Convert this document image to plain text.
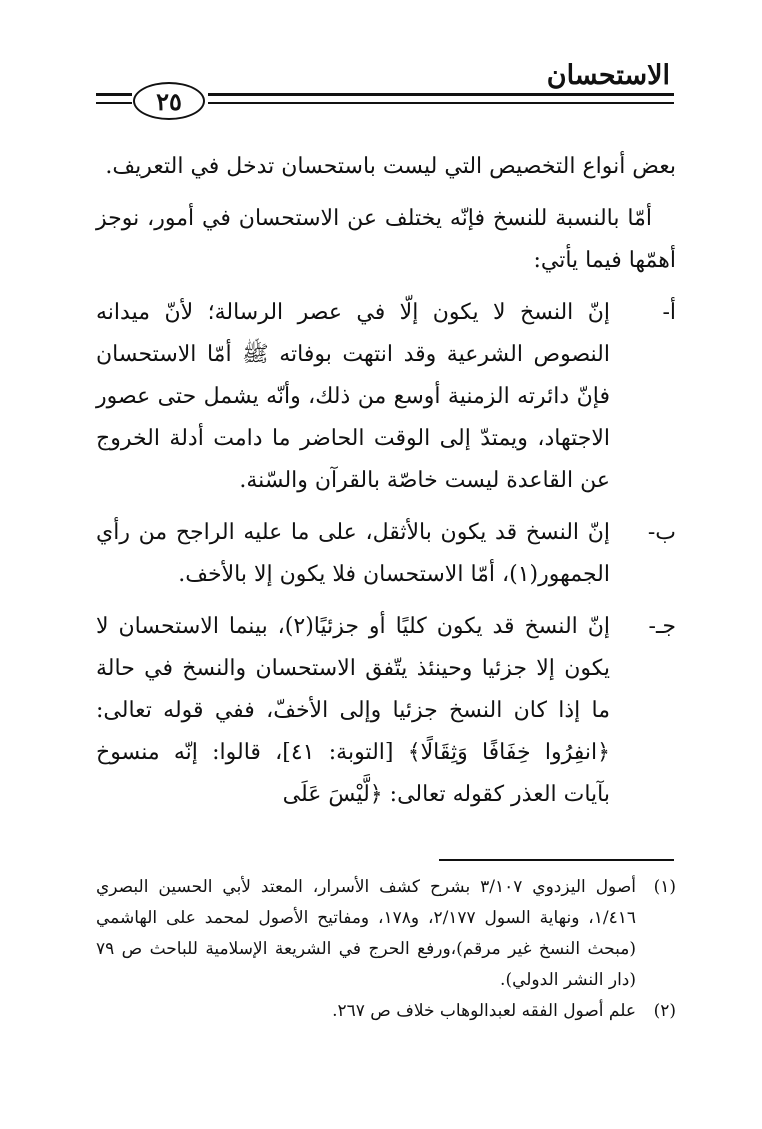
الاستحسان
٢٥

بعض أنواع التخصيص التي ليست باستحسان تدخل في التعريف.

أمّا بالنسبة للنسخ فإنّه يختلف عن الاستحسان في أمور، نوجز أهمّها فيما يأتي:

أ-

إنّ النسخ لا يكون إلّا في عصر الرسالة؛ لأنّ ميدانه النصوص الشرعية وقد انتهت بوفاته ﷺ أمّا الاستحسان فإنّ دائرته الزمنية أوسع من ذلك، وأنّه يشمل حتى عصور الاجتهاد، ويمتدّ إلى الوقت الحاضر ما دامت أدلة الخروج عن القاعدة ليست خاصّة بالقرآن والسّنة.

ب-

إنّ النسخ قد يكون بالأثقل، على ما عليه الراجح من رأي الجمهور(١)، أمّا الاستحسان فلا يكون إلا بالأخف.

جـ-

إنّ النسخ قد يكون كليًا أو جزئيًا(٢)، بينما الاستحسان لا يكون إلا جزئيا وحينئذ يتّفق الاستحسان والنسخ في حالة ما إذا كان النسخ جزئيا وإلى الأخفّ، ففي قوله تعالى: ﴿انفِرُوا خِفَافًا وَثِقَالًا﴾ [التوبة: ٤١]، قالوا: إنّه منسوخ بآيات العذر كقوله تعالى: ﴿لَّيْسَ عَلَى

(١)
أصول اليزدوي ٣/١٠٧ بشرح كشف الأسرار، المعتد لأبي الحسين البصري ١/٤١٦، ونهاية السول ٢/١٧٧، و١٧٨، ومفاتيح الأصول لمحمد على الهاشمي (مبحث النسخ غير مرقم)،ورفع الحرج في الشريعة الإسلامية للباحث ص ٧٩ (دار النشر الدولي).
(٢)
علم أصول الفقه لعبدالوهاب خلاف ص ٢٦٧.
